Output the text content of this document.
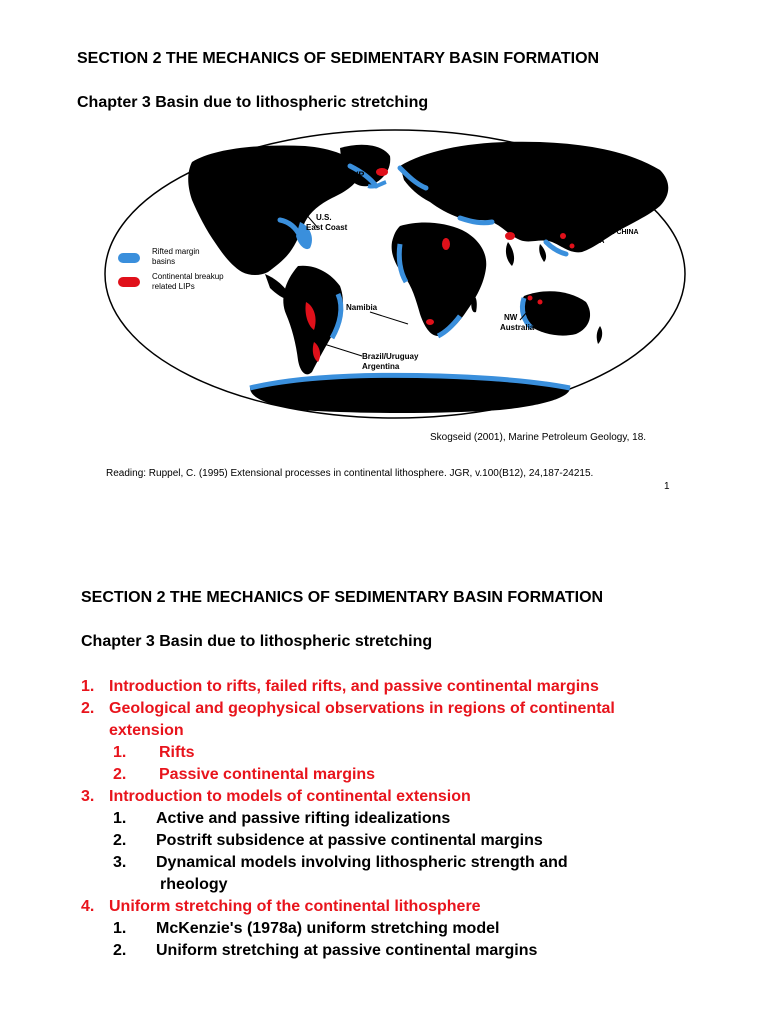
SECTION 2 THE MECHANICS OF SEDIMENTARY BASIN FORMATION
Chapter 3 Basin due to lithospheric stretching
NAVP
U.S.
East Coast
SOUTH CHINA
SEA
Namibia
NW
Australia
Brazil/Uruguay
Argentina
Rifted margin
basins
Continental breakup
related LIPs
Skogseid (2001), Marine Petroleum Geology, 18.
Reading: Ruppel, C. (1995) Extensional processes in continental lithosphere. JGR, v.100(B12), 24,187-24215.
1
SECTION 2 THE MECHANICS OF SEDIMENTARY BASIN FORMATION
Chapter 3 Basin due to lithospheric stretching
1. Introduction to rifts, failed rifts, and passive continental margins
2. Geological and geophysical observations in regions of continental
extension
1. Rifts
2. Passive continental margins
3. Introduction to models of continental extension
1. Active and passive rifting idealizations
2. Postrift subsidence at passive continental margins
3. Dynamical models involving lithospheric strength and
rheology
4. Uniform stretching of the continental lithosphere
1. McKenzie's (1978a) uniform stretching model
2. Uniform stretching at passive continental margins
